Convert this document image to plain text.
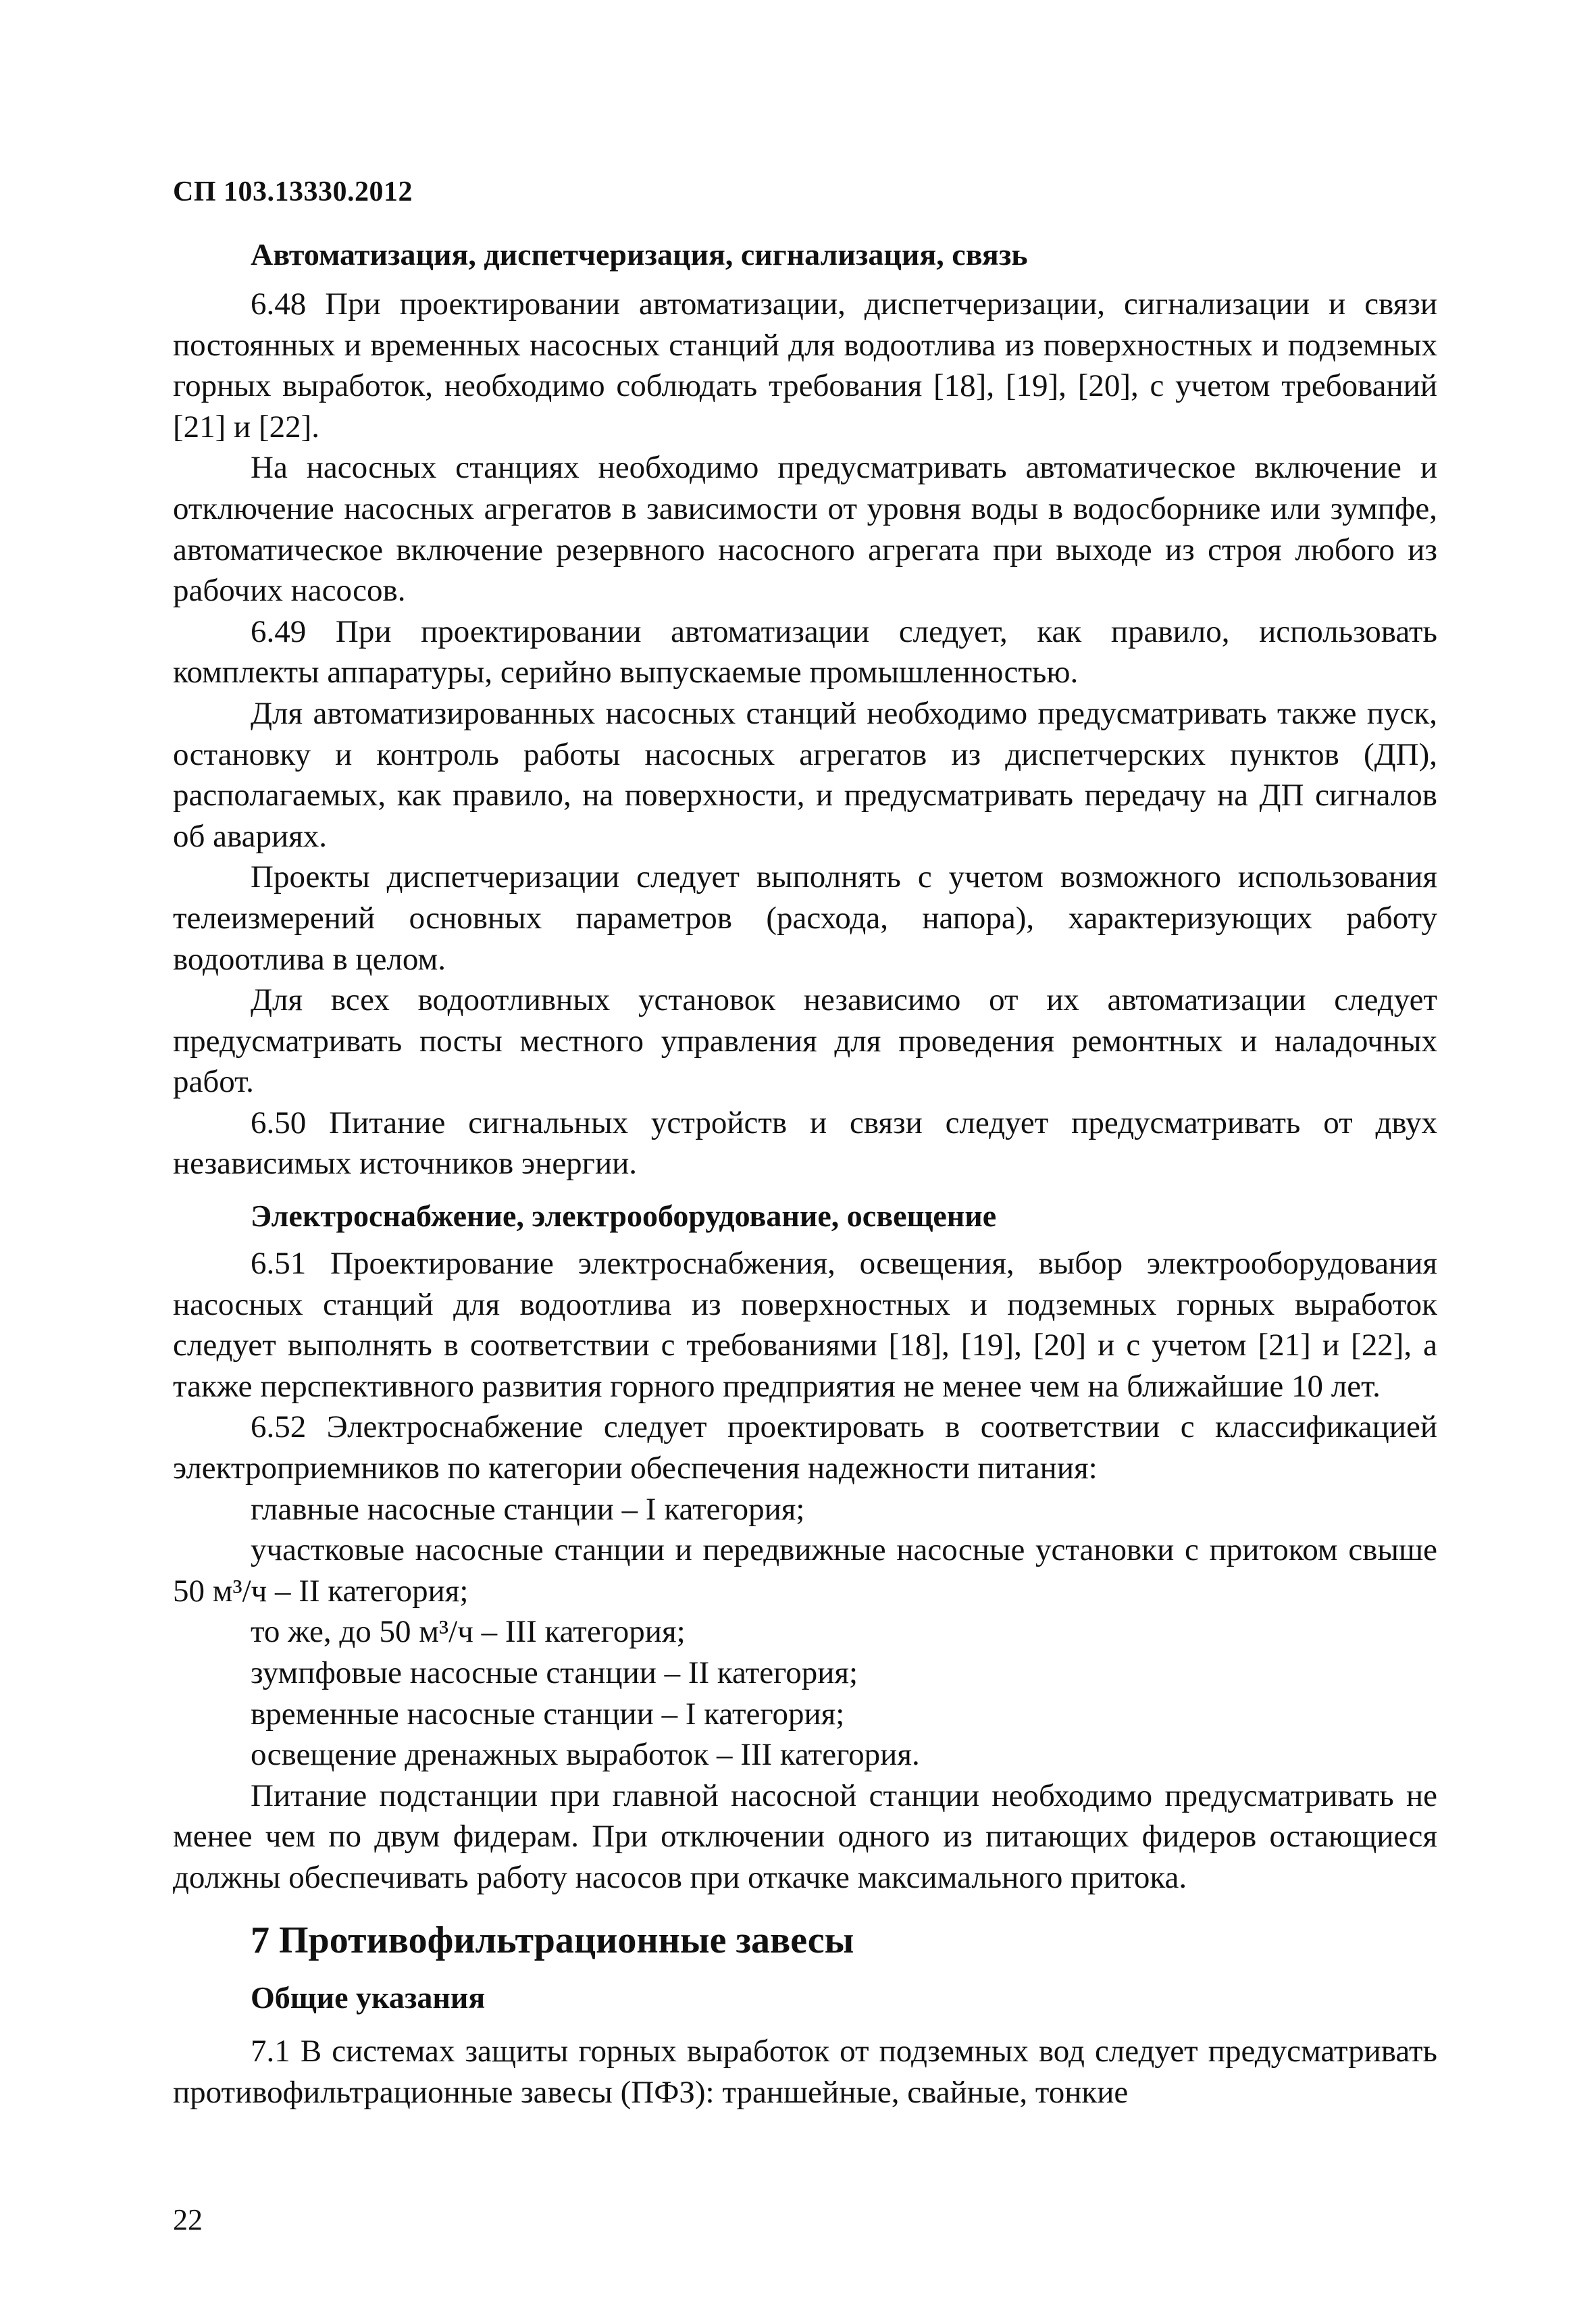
СП 103.13330.2012
Автоматизация, диспетчеризация, сигнализация, связь

6.48 При проектировании автоматизации, диспетчеризации, сигнализации и связи постоянных и временных насосных станций для водоотлива из поверхностных и подземных горных выработок, необходимо соблюдать требования [18], [19], [20], с учетом требований [21] и [22].

На насосных станциях необходимо предусматривать автоматическое включение и отключение насосных агрегатов в зависимости от уровня воды в водосборнике или зумпфе, автоматическое включение резервного насосного агрегата при выходе из строя любого из рабочих насосов.

6.49 При проектировании автоматизации следует, как правило, использовать комплекты аппаратуры, серийно выпускаемые промышленностью.

Для автоматизированных насосных станций необходимо предусматривать также пуск, остановку и контроль работы насосных агрегатов из диспетчерских пунктов (ДП), располагаемых, как правило, на поверхности, и предусматривать передачу на ДП сигналов об авариях.

Проекты диспетчеризации следует выполнять с учетом возможного использования телеизмерений основных параметров (расхода, напора), характеризующих работу водоотлива в целом.

Для всех водоотливных установок независимо от их автоматизации следует предусматривать посты местного управления для проведения ремонтных и наладочных работ.

6.50 Питание сигнальных устройств и связи следует предусматривать от двух независимых источников энергии.

Электроснабжение, электрооборудование, освещение

6.51 Проектирование электроснабжения, освещения, выбор электрооборудования насосных станций для водоотлива из поверхностных и подземных горных выработок следует выполнять в соответствии с требованиями [18], [19], [20] и с учетом [21] и [22], а также перспективного развития горного предприятия не менее чем на ближайшие 10 лет.

6.52 Электроснабжение следует проектировать в соответствии с классификацией электроприемников по категории обеспечения надежности питания:

главные насосные станции – I категория;

участковые насосные станции и передвижные насосные установки с притоком свыше 50 м³/ч – II категория;

то же, до 50 м³/ч – III категория;

зумпфовые насосные станции – II категория;

временные насосные станции – I категория;

освещение дренажных выработок – III категория.

Питание подстанции при главной насосной станции необходимо предусматривать не менее чем по двум фидерам. При отключении одного из питающих фидеров остающиеся должны обеспечивать работу насосов при откачке максимального притока.

7 Противофильтрационные завесы
Общие указания

7.1 В системах защиты горных выработок от подземных вод следует предусматривать противофильтрационные завесы (ПФЗ): траншейные, свайные, тонкие

22
